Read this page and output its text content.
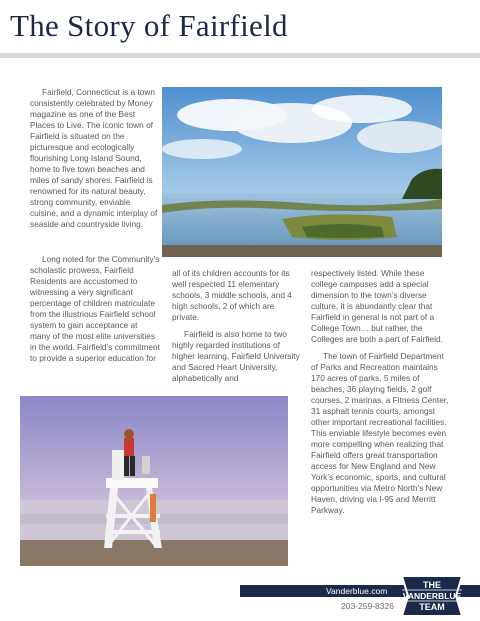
The Story of Fairfield
Fairfield, Connecticut is a town consistently celebrated by Money magazine as one of the Best Places to Live. The iconic town of Fairfield is situated on the picturesque and ecologically flourishing Long Island Sound, home to five town beaches and miles of sandy shores. Fairfield is renowned for its natural beauty, strong community, enviable cuisine, and a dynamic interplay of seaside and countryside living.
Long noted for the Community’s scholastic prowess, Fairfield Residents are accustomed to witnessing a very significant percentage of children matriculate from the illustrious Fairfield school system to gain acceptance at many of the most elite universities in the world. Fairfield’s commitment to provide a superior education for
all of its children accounts for its well respected 11 elementary schools, 3 middle schools, and 4 high schools, 2 of which are private.
Fairfield is also home to two highly regarded institutions of higher learning, Fairfield University and Sacred Heart University, alphabetically and
respectively listed. While these college campuses add a special dimension to the town’s diverse culture, it is abundantly clear that Fairfield in general is not part of a College Town… but rather, the Colleges are both a part of Fairfield.
The town of Fairfield Department of Parks and Recreation maintains 170 acres of parks, 5 miles of beaches, 36 playing fields, 2 golf courses, 2 marinas, a Fitness Center, 31 asphalt tennis courts, amongst other important recreational facilities. This enviable lifestyle becomes even more compelling when realizing that Fairfield offers great transportation access for New England and New York’s economic, sports, and cultural opportunities via Metro North’s New Haven, driving via I-95 and Merritt Parkway.
Vanderblue.com
203-259-8326
THE
VANDERBLUE
TEAM
